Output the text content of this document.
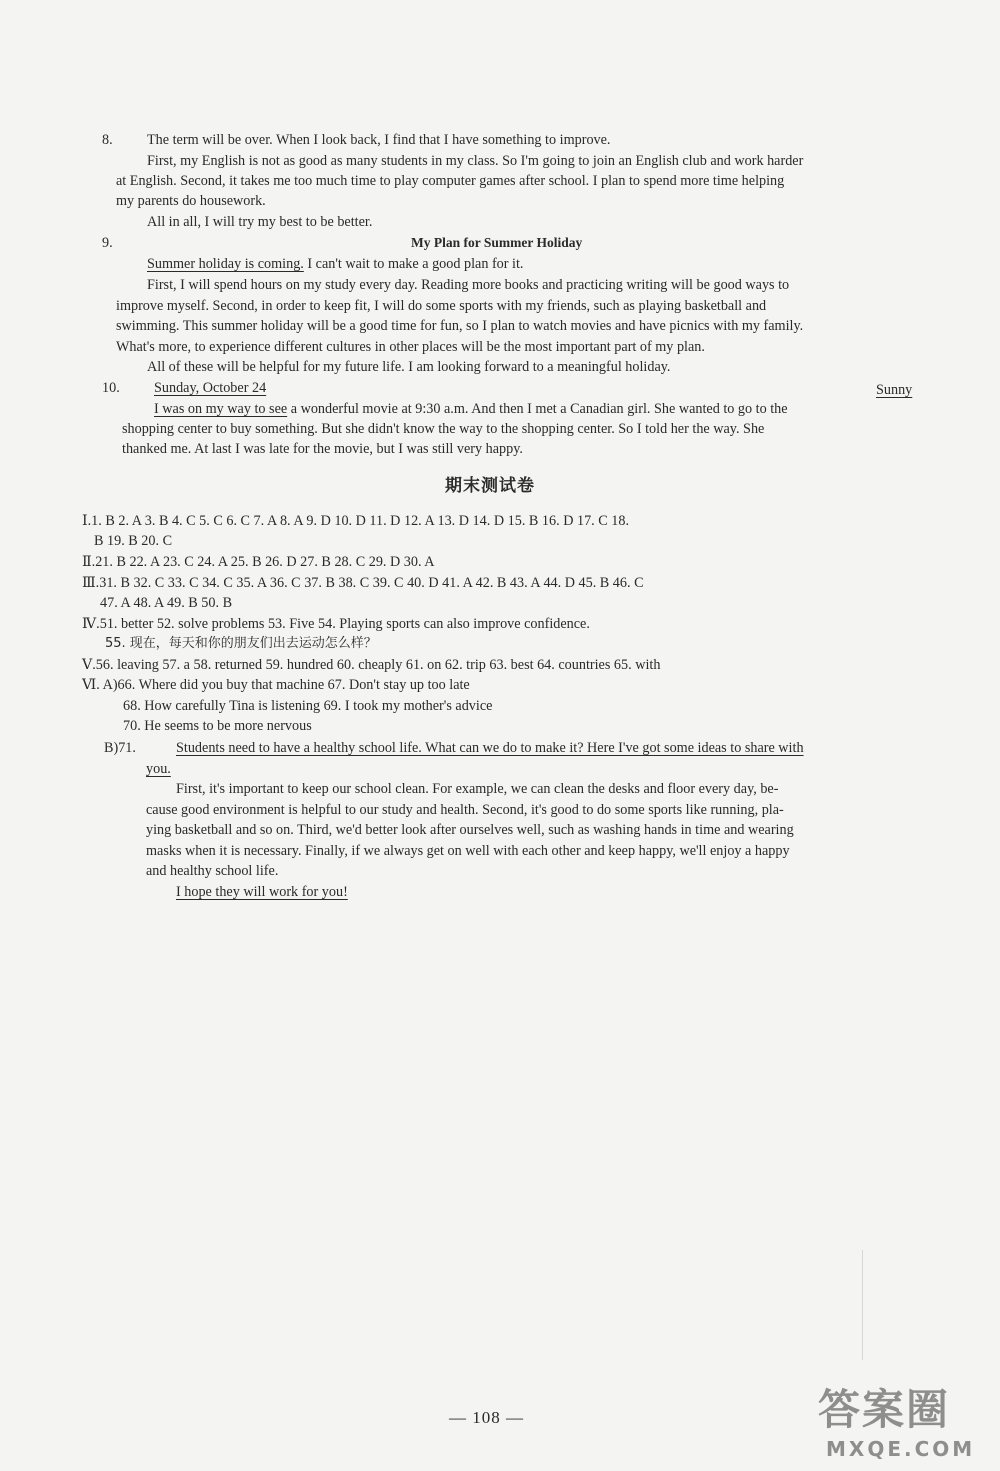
8. The term will be over. When I look back, I find that I have something to improve.
First, my English is not as good as many students in my class. So I'm going to join an English club and work harder
at English. Second, it takes me too much time to play computer games after school. I plan to spend more time helping
my parents do housework.
All in all, I will try my best to be better.
9.	My Plan for Summer Holiday
Summer holiday is coming. I can't wait to make a good plan for it.
First, I will spend hours on my study every day. Reading more books and practicing writing will be good ways to
improve myself. Second, in order to keep fit, I will do some sports with my friends, such as playing basketball and
swimming. This summer holiday will be a good time for fun, so I plan to watch movies and have picnics with my family.
What's more, to experience different cultures in other places will be the most important part of my plan.
All of these will be helpful for my future life. I am looking forward to a meaningful holiday.
10. Sunday, October 24	Sunny
I was on my way to see a wonderful movie at 9:30 a.m. And then I met a Canadian girl. She wanted to go to the
shopping center to buy something. But she didn't know the way to the shopping center. So I told her the way. She
thanked me. At last I was late for the movie, but I was still very happy.
期末测试卷
Ⅰ.1. B 2. A 3. B 4. C 5. C 6. C 7. A 8. A 9. D 10. D 11. D 12. A 13. D 14. D 15. B 16. D 17. C 18.
B 19. B 20. C
Ⅱ.21. B 22. A 23. C 24. A 25. B 26. D 27. B 28. C 29. D 30. A
Ⅲ.31. B 32. C 33. C 34. C 35. A 36. C 37. B 38. C 39. C 40. D 41. A 42. B 43. A 44. D 45. B 46. C
47. A 48. A 49. B 50. B
Ⅳ.51. better 52. solve problems 53. Five 54. Playing sports can also improve confidence.
55. 现在，每天和你的朋友们出去运动怎么样？
Ⅴ.56. leaving 57. a 58. returned 59. hundred 60. cheaply 61. on 62. trip 63. best 64. countries 65. with
Ⅵ. A)66. Where did you buy that machine 67. Don't stay up too late
68. How carefully Tina is listening 69. I took my mother's advice
70. He seems to be more nervous
B)71.	Students need to have a healthy school life. What can we do to make it? Here I've got some ideas to share with
you.
First, it's important to keep our school clean. For example, we can clean the desks and floor every day, be-
cause good environment is helpful to our study and health. Second, it's good to do some sports like running, pla-
ying basketball and so on. Third, we'd better look after ourselves well, such as washing hands in time and wearing
masks when it is necessary. Finally, if we always get on well with each other and keep happy, we'll enjoy a happy
and healthy school life.
I hope they will work for you!
— 108 —	答案圈
MXQE.COM
